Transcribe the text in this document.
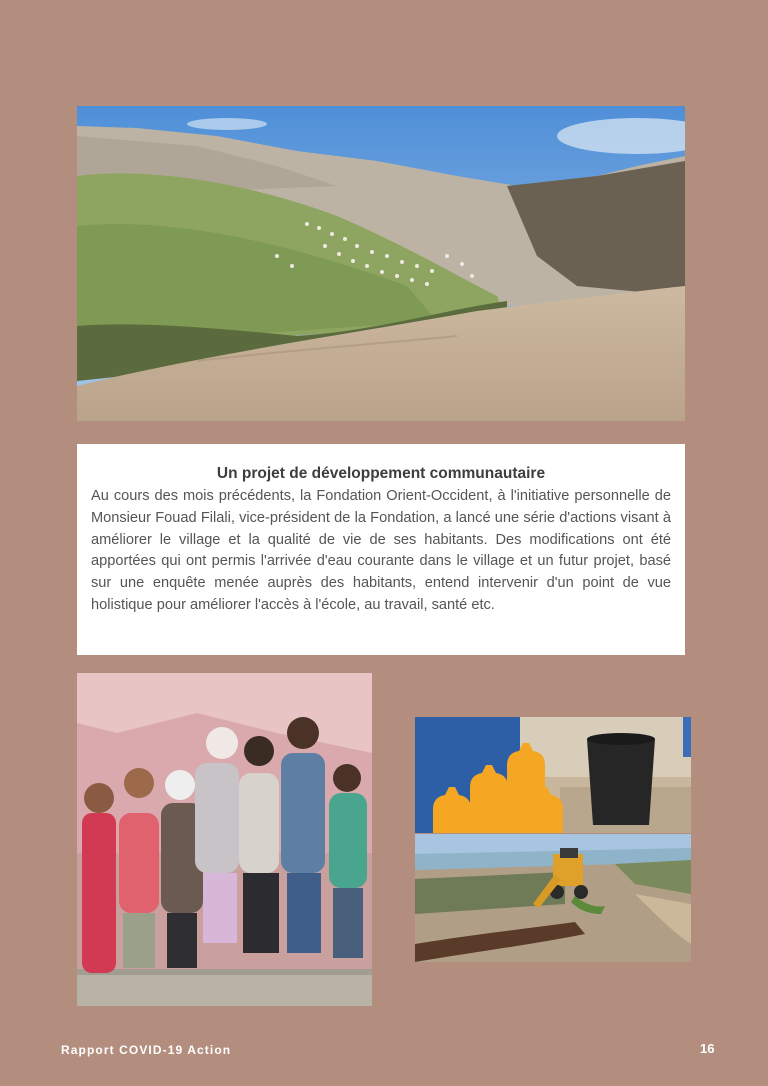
Un projet de développement communautaire

Au cours des mois précédents, la Fondation Orient-Occident, à l'initiative personnelle de Monsieur Fouad Filali, vice-président de la Fondation, a lancé une série d'actions visant à améliorer le village et la qualité de vie de ses habitants. Des modifications ont été apportées qui ont permis l'arrivée d'eau courante dans le village et un futur projet, basé sur une enquête menée auprès des habitants, entend intervenir d'un point de vue holistique pour améliorer l'accès à l'école, au travail, santé etc.

Rapport COVID-19 Action	16
